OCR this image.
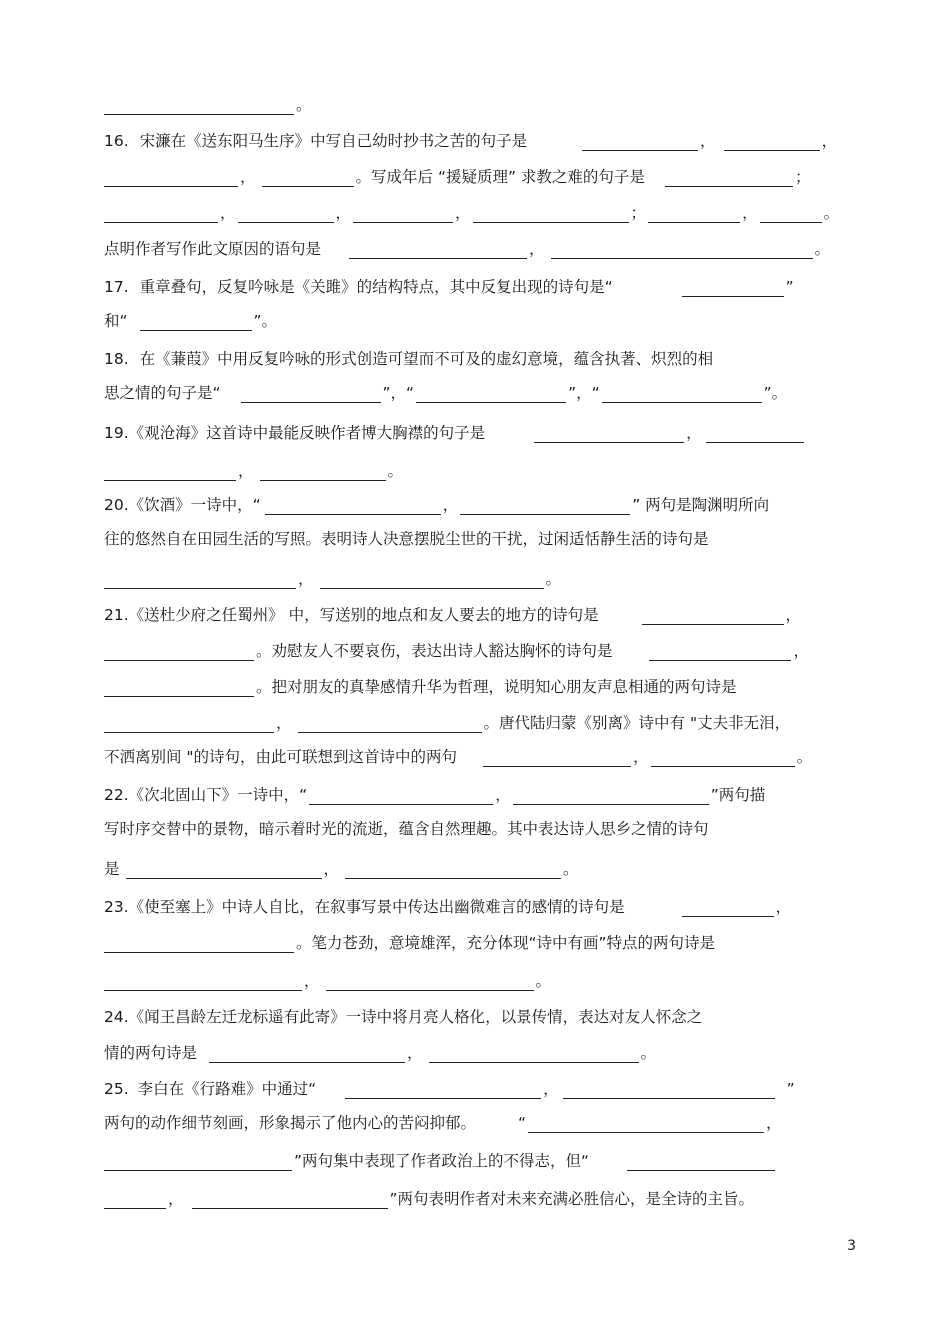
。
16. 宋濂在《送东阳马生序》中写自己幼时抄书之苦的句子是	，	，
，	。写成年后 “援疑质理” 求教之难的句子是	；
，	，	，	；	，	。
点明作者写作此文原因的语句是	，	。
17. 重章叠句，反复吟咏是《关雎》的结构特点，其中反复出现的诗句是“	”
和“	”。
18. 在《蒹葭》中用反复吟咏的形式创造可望而不可及的虚幻意境，蕴含执著、炽烈的相
思之情的句子是“	”，“	”，“	”。
19.《观沧海》这首诗中最能反映作者博大胸襟的句子是	，
，	。
20.《饮酒》一诗中，“	，	” 两句是陶渊明所向
往的悠然自在田园生活的写照。表明诗人决意摆脱尘世的干扰，过闲适恬静生活的诗句是
，	。
21.《送杜少府之任蜀州》 中，写送别的地点和友人要去的地方的诗句是	，
。劝慰友人不要哀伤，表达出诗人豁达胸怀的诗句是	，
。把对朋友的真挚感情升华为哲理，说明知心朋友声息相通的两句诗是
，	。唐代陆归蒙《别离》诗中有 "丈夫非无泪，
不洒离别间 "的诗句，由此可联想到这首诗中的两句	，	。
22.《次北固山下》一诗中，“	，	”两句描
写时序交替中的景物，暗示着时光的流逝，蕴含自然理趣。其中表达诗人思乡之情的诗句
是	，	。
23.《使至塞上》中诗人自比，在叙事写景中传达出幽微难言的感情的诗句是	，
。笔力苍劲，意境雄浑，充分体现“诗中有画”特点的两句诗是
，	。
24.《闻王昌龄左迁龙标遥有此寄》一诗中将月亮人格化，以景传情，表达对友人怀念之
情的两句诗是	，	。
25. 李白在《行路难》中通过“	，	”
两句的动作细节刻画，形象揭示了他内心的苦闷抑郁。	“	，
”两句集中表现了作者政治上的不得志，但“
，	”两句表明作者对未来充满必胜信心，是全诗的主旨。
3
